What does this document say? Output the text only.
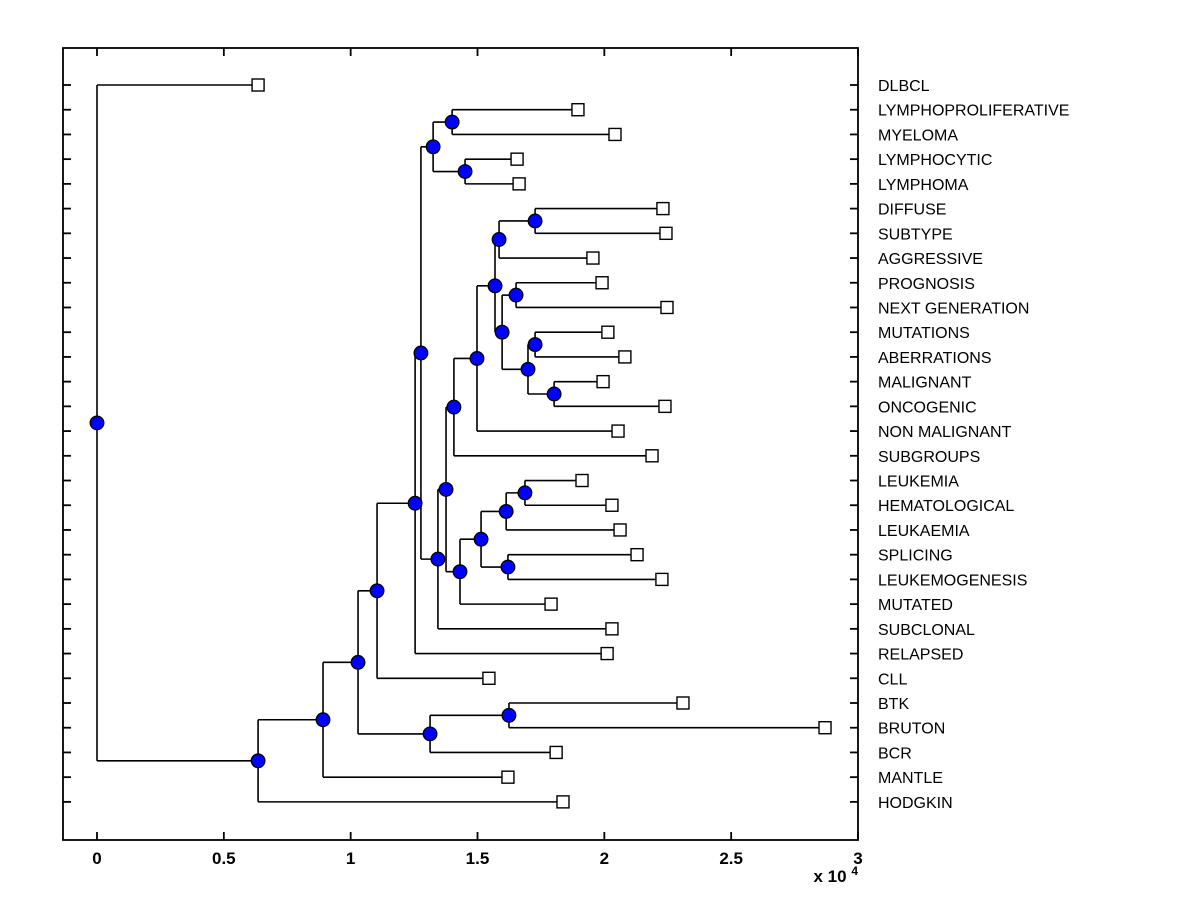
0	0.5	1	1.5	2	2.5	3
DLBCL
LYMPHOPROLIFERATIVE
MYELOMA
LYMPHOCYTIC
LYMPHOMA
DIFFUSE
SUBTYPE
AGGRESSIVE
PROGNOSIS
NEXT GENERATION
MUTATIONS
ABERRATIONS
MALIGNANT
ONCOGENIC
NON MALIGNANT
SUBGROUPS
LEUKEMIA
HEMATOLOGICAL
LEUKAEMIA
SPLICING
LEUKEMOGENESIS
MUTATED
SUBCLONAL
RELAPSED
CLL
BTK
BRUTON
BCR
MANTLE
HODGKIN
x 10 $^4$
